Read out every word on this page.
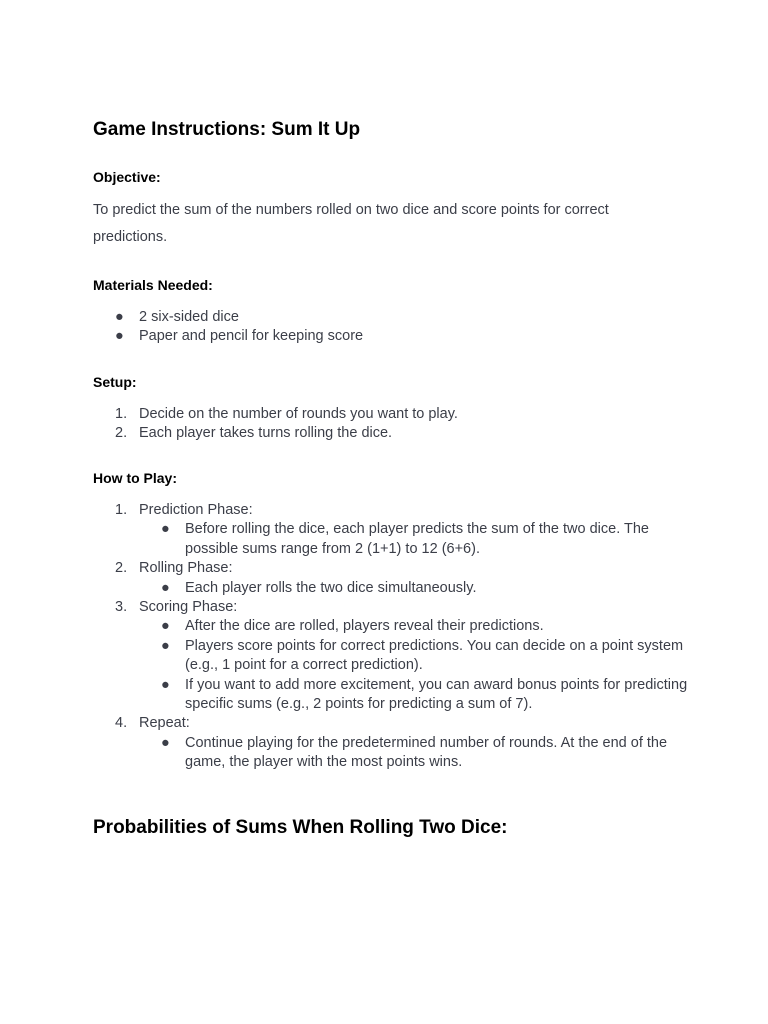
Game Instructions: Sum It Up
Objective:

To predict the sum of the numbers rolled on two dice and score points for correct predictions.

Materials Needed:
●	2 six-sided dice
●	Paper and pencil for keeping score
Setup:
1. Decide on the number of rounds you want to play.
2. Each player takes turns rolling the dice.
How to Play:
1. Prediction Phase:
●	Before rolling the dice, each player predicts the sum of the two dice. The possible sums range from 2 (1+1) to 12 (6+6).
2. Rolling Phase:
●	Each player rolls the two dice simultaneously.
3. Scoring Phase:
●	After the dice are rolled, players reveal their predictions.
●	Players score points for correct predictions. You can decide on a point system (e.g., 1 point for a correct prediction).
●	If you want to add more excitement, you can award bonus points for predicting specific sums (e.g., 2 points for predicting a sum of 7).
4. Repeat:
●	Continue playing for the predetermined number of rounds. At the end of the game, the player with the most points wins.
Probabilities of Sums When Rolling Two Dice:
